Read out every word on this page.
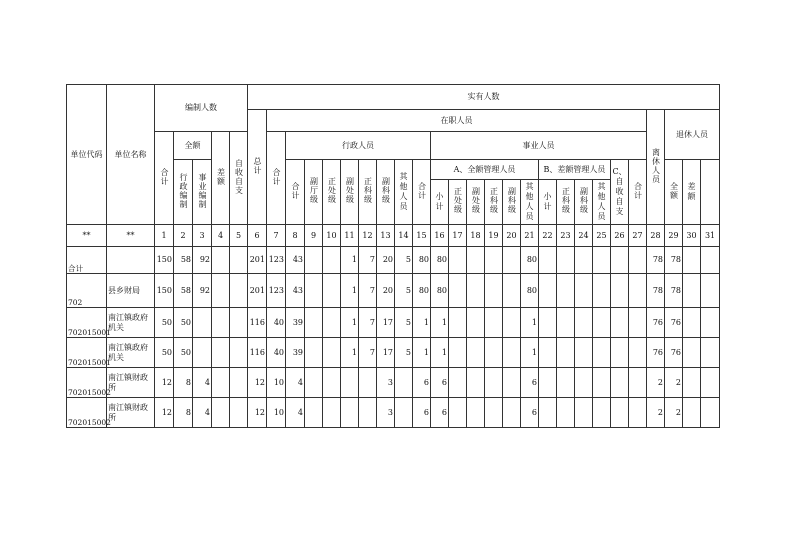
单位代码	单位名称	编制人数					实有人数																										
							总计	在职人员																					离休人员	退休人员	
		合计	全额		差额	自收自支		合计	行政人员								事业人员																
			行政编制	事业编制					合计	副厅级	正处级	副处级	正科级	副科级	其他人员	合计	A、全额管理人员						B、差额管理人员				C、自收自支	合计		全额	差额		
																	小计	正处级	副处级	正科级	副科级	其他人员	小计	正科级	副科级	其他人员							
**	**	1	2	3	4	5	6	7	8	9	10	11	12	13	14	15	16	17	18	19	20	21	22	23	24	25	26	27	28	29	30	31	
合计		150	58	92			201	123	43			1	7	20	5	80	80					80							78	78			
702	县乡财局	150	58	92			201	123	43			1	7	20	5	80	80					80							78	78			
702015001	南江镇政府机关	50	50				116	40	39			1	7	17	5	1	1					1							76	76			
702015001	南江镇政府机关	50	50				116	40	39			1	7	17	5	1	1					1							76	76			
702015002	南江镇财政所	12	8	4			12	10	4					3		6	6					6							2	2			
702015002	南江镇财政所	12	8	4			12	10	4					3		6	6					6							2	2			
